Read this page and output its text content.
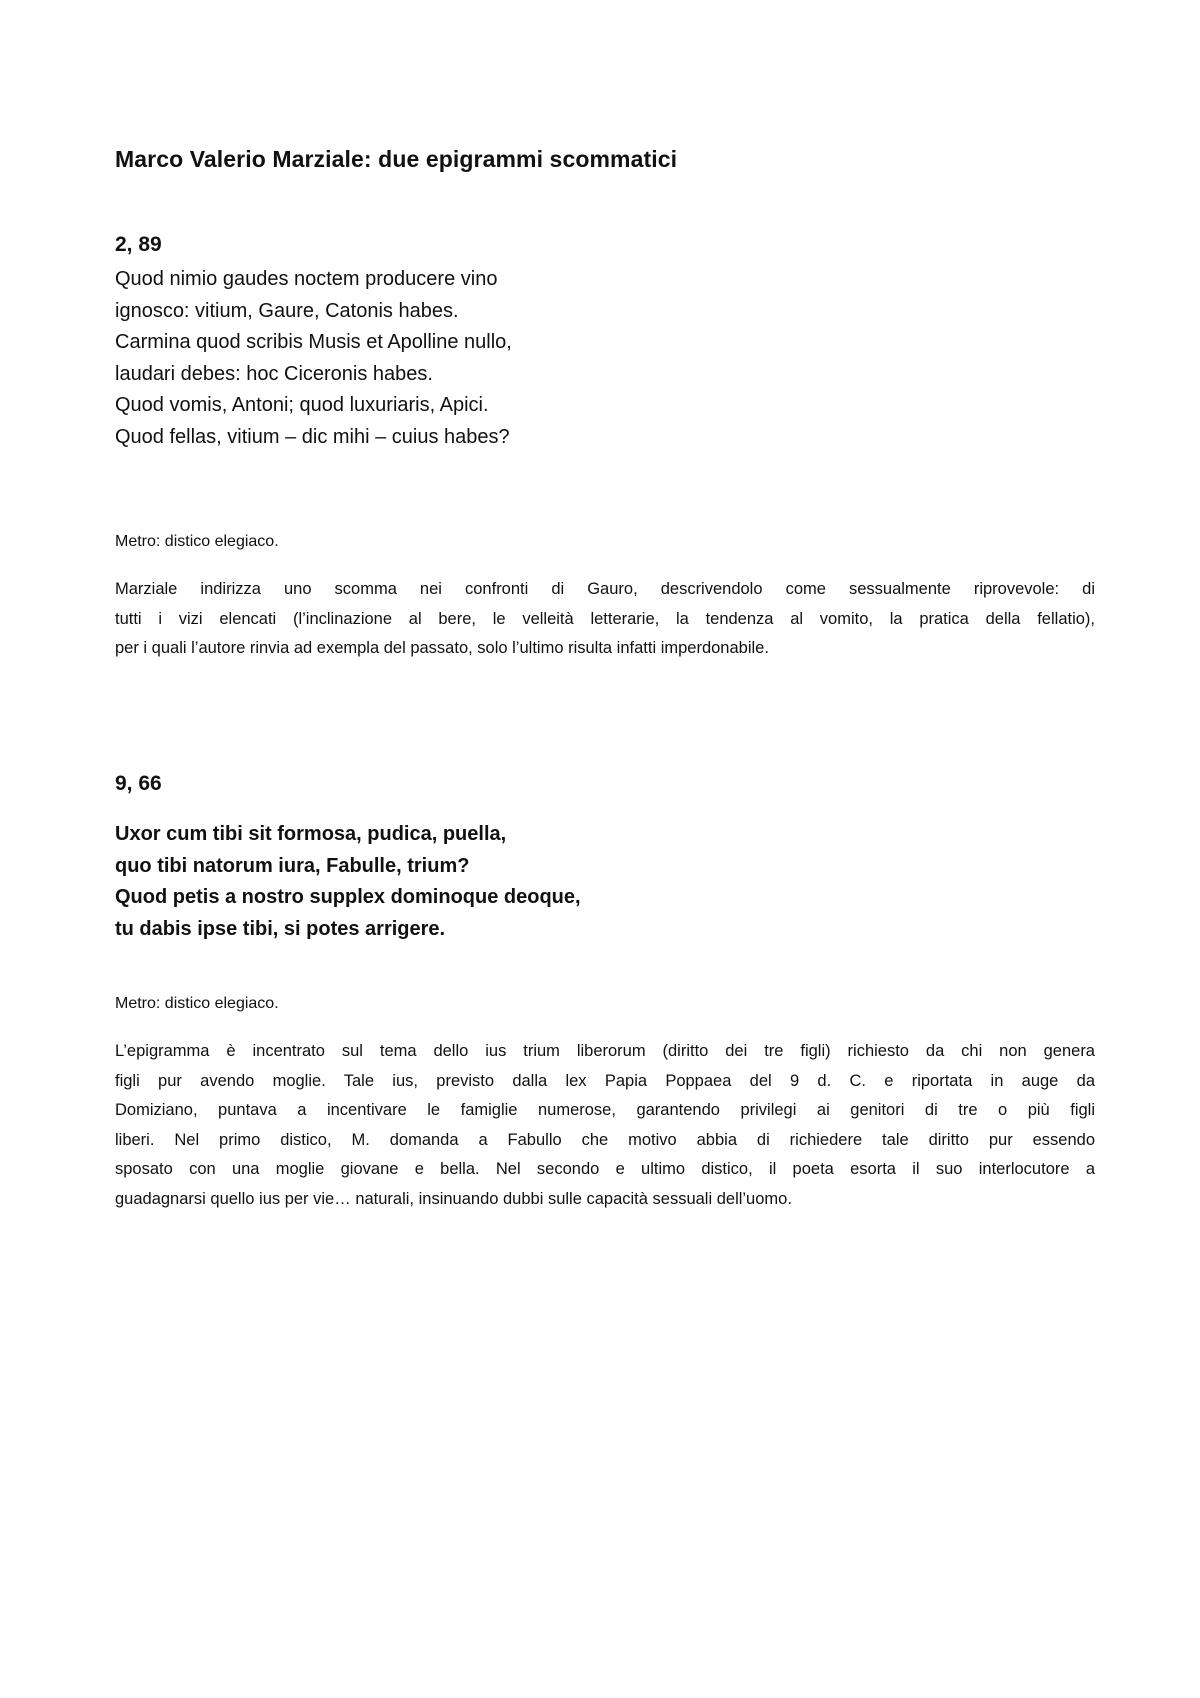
Marco Valerio Marziale: due epigrammi scommatici
2, 89
Quod nimio gaudes noctem producere vino
ignosco: vitium, Gaure, Catonis habes.
Carmina quod scribis Musis et Apolline nullo,
laudari debes: hoc Ciceronis habes.
Quod vomis, Antoni; quod luxuriaris, Apici.
Quod fellas, vitium – dic mihi – cuius habes?
Metro: distico elegiaco.
Marziale indirizza uno scomma nei confronti di Gauro, descrivendolo come sessualmente riprovevole: di
tutti i vizi elencati (l’inclinazione al bere, le velleità letterarie, la tendenza al vomito, la pratica della fellatio),
per i quali l’autore rinvia ad exempla del passato, solo l’ultimo risulta infatti imperdonabile.
9, 66
Uxor cum tibi sit formosa, pudica, puella,
quo tibi natorum iura, Fabulle, trium?
Quod petis a nostro supplex dominoque deoque,
tu dabis ipse tibi, si potes arrigere.
Metro: distico elegiaco.
L’epigramma è incentrato sul tema dello ius trium liberorum (diritto dei tre figli) richiesto da chi non genera
figli pur avendo moglie. Tale ius, previsto dalla lex Papia Poppaea del 9 d. C. e riportata in auge da
Domiziano, puntava a incentivare le famiglie numerose, garantendo privilegi ai genitori di tre o più figli
liberi. Nel primo distico, M. domanda a Fabullo che motivo abbia di richiedere tale diritto pur essendo
sposato con una moglie giovane e bella. Nel secondo e ultimo distico, il poeta esorta il suo interlocutore a
guadagnarsi quello ius per vie… naturali, insinuando dubbi sulle capacità sessuali dell’uomo.
